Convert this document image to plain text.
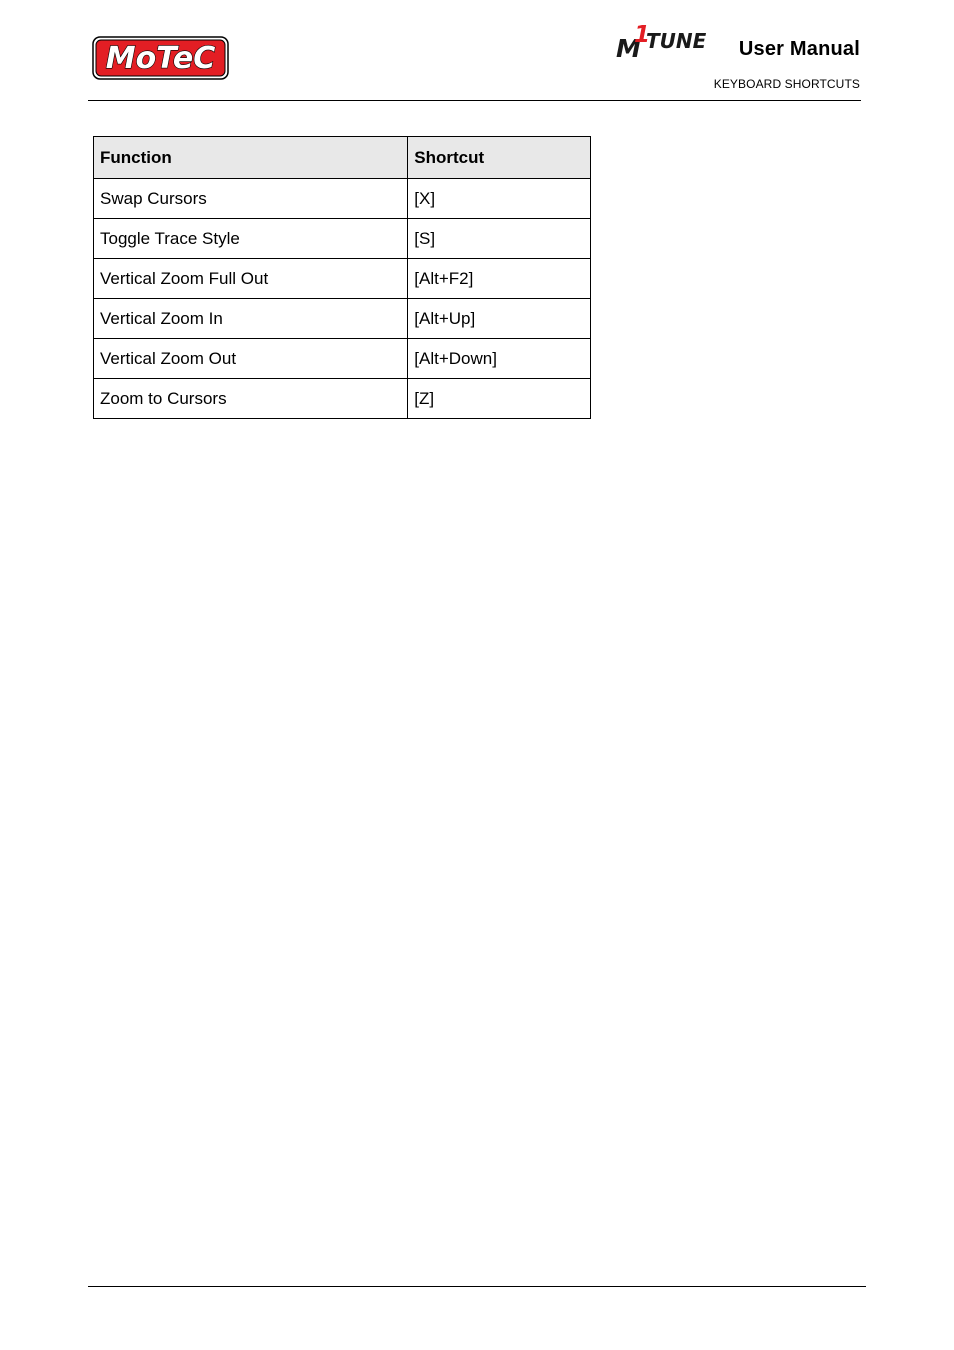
MoTeC	M
1
TUNE User Manual
KEYBOARD SHORTCUTS
Function	Shortcut
Swap Cursors	[X]
Toggle Trace Style	[S]
Vertical Zoom Full Out	[Alt+F2]
Vertical Zoom In	[Alt+Up]
Vertical Zoom Out	[Alt+Down]
Zoom to Cursors	[Z]
